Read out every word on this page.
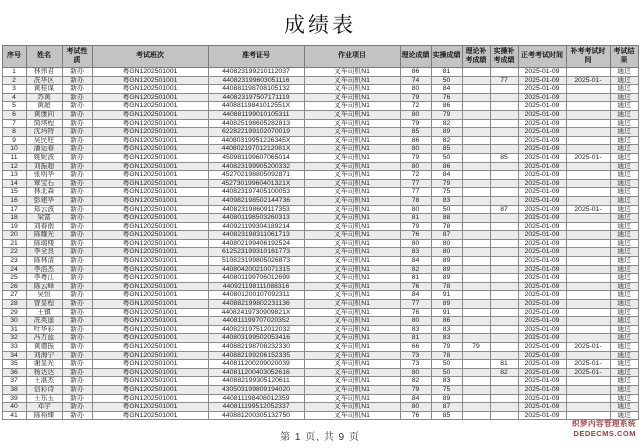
成绩表
序号	姓名	考试性质	考试班次	准考证号	作业项目	理论成绩	实操成绩	理论补考成绩	实操补考成绩	正考考试时间	补考考试时间	考试结果
1	林伟君	新办	粤GN1202501001	440823199210112037	叉车司机N1	86	81			2025-01-09		通过
2	冼华区	新办	粤GN1202501001	440823199603051116	叉车司机N1	74	50		77	2025-01-09	2025-01-	通过
3	黄桂谋	新办	粤GN1202501001	440881198708105132	叉车司机N1	80	84			2025-01-09		通过
4	苏黄	新办	粤GN1202501001	440823197507171119	叉车司机N1	79	76			2025-01-09		通过
5	黄超	新办	粤GN1202501001	44088119841012551X	叉车司机N1	72	86			2025-01-09		通过
6	黄康向	新办	粤GN1202501001	440881199010105311	叉车司机N1	80	79			2025-01-09		通过
7	简琪程	新办	粤GN1202501001	440825198605282813	叉车司机N1	79	82			2025-01-09		通过
8	沈玛特	新办	粤GN1202501001	622822199102070019	叉车司机N1	85	89			2025-01-09		通过
9	吴民柱	新办	粤GN1202501001	44080319951226345X	叉车司机N1	86	82			2025-01-09		通过
10	潘运春	新办	粤GN1202501001	44080219701212081X	叉车司机N1	80	85			2025-01-09		通过
11	姚妮波	新办	粤GN1202501001	450981199607065014	叉车司机N1	79	50		85	2025-01-09	2025-01-	通过
12	刘振超	新办	粤GN1202501001	440823199905200332	叉车司机N1	80	86			2025-01-09		通过
13	张明华	新办	粤GN1202501001	452702198805092871	叉车司机N1	72	84			2025-01-09		通过
14	覃宝石	新办	粤GN1202501001	45273019960401321X	叉车司机N1	77	79			2025-01-09		通过
15	林北森	新办	粤GN1202501001	440823197405100053	叉车司机N1	77	75			2025-01-09		通过
16	彭建华	新办	粤GN1202501001	440982198502144736	叉车司机N1	78	83			2025-01-09		通过
17	郑云波	新办	粤GN1202501001	440823198609117353	叉车司机N1	80	50		87	2025-01-09	2025-01-	通过
18	梁富	新办	粤GN1202501001	440801198503260313	叉车司机N1	81	88			2025-01-09		通过
19	刘春南	新办	粤GN1202501001	440921199304189214	叉车司机N1	79	78			2025-01-09		通过
20	陈耀光	新办	粤GN1202501001	440823198311061713	叉车司机N1	76	87			2025-01-09		通过
21	陈瑞楼	新办	粤GN1202501001	440802199406192524	叉车司机N1	80	80			2025-01-09		通过
22	李全良	新办	粤GN1202501001	612523199310161773	叉车司机N1	83	80			2025-01-09		通过
23	陈林清	新办	粤GN1202501001	510823199805026873	叉车司机N1	84	89			2025-01-09		通过
24	李浩杰	新办	粤GN1202501001	440804200210071315	叉车司机N1	82	89			2025-01-09		通过
25	李粤江	新办	粤GN1202501001	440801199706012699	叉车司机N1	81	89			2025-01-09		通过
26	陈云峰	新办	粤GN1202501001	440921198111088316	叉车司机N1	76	78			2025-01-09		通过
27	吴恒	新办	粤GN1202501001	440801200107092311	叉车司机N1	84	91			2025-01-09		通过
28	曾显程	新办	粤GN1202501001	440882199802231136	叉车司机N1	77	89			2025-01-09		通过
29	王镇	新办	粤GN1202501001	44082419730909821X	叉车司机N1	76	91			2025-01-09		通过
30	冼英遥	新办	粤GN1202501001	440811199707020352	叉车司机N1	80	86			2025-01-09		通过
31	叶华彩	新办	粤GN1202501001	440823197512012032	叉车司机N1	83	83			2025-01-09		通过
32	冯万蓝	新办	粤GN1202501001	440803199502053416	叉车司机N1	81	83			2025-01-09		通过
33	黄德振	新办	粤GN1202501001	440882198708232330	叉车司机N1	66	79	79		2025-01-09	2025-01-	通过
34	刘海宁	新办	粤GN1202501001	440882199206152335	叉车司机N1	73	78			2025-01-09		通过
35	谢显光	新办	粤GN1202501001	440811200209020039	叉车司机N1	73	50		81	2025-01-09	2025-01-	通过
36	杨达达	新办	粤GN1202501001	440811200403052616	叉车司机N1	80	50		82	2025-01-09	2025-01-	通过
37	王湛杰	新办	粤GN1202501001	440882199305120611	叉车司机N1	82	83			2025-01-09		通过
38	信彩诗	新办	粤GN1202501001	430503199809194020	叉车司机N1	79	75			2025-01-09		通过
39	王东玉	新办	粤GN1202501001	440811198408012359	叉车司机N1	84	89			2025-01-09		通过
40	邓宇	新办	粤GN1202501001	440811199512052337	叉车司机N1	80	87			2025-01-09		通过
41	陈裕臻	新办	粤GN1202501001	440881200305132750	叉车司机N1	76	85			2025-01-09		通过
第 1 页, 共 9 页
织梦内容管理系统
DEDECMS.COM
